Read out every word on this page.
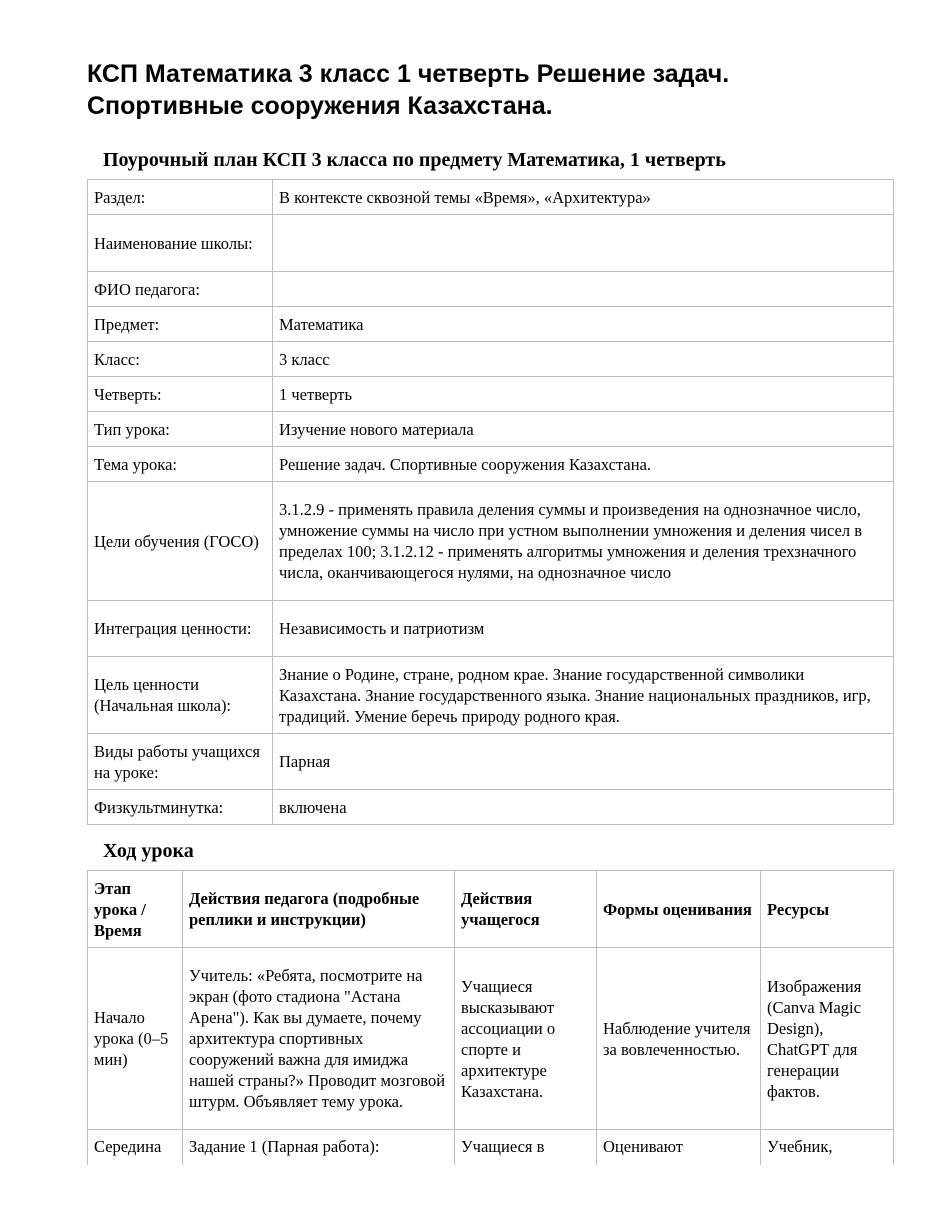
КСП Математика 3 класс 1 четверть Решение задач. Спортивные сооружения Казахстана.
Поурочный план КСП 3 класса по предмету Математика, 1 четверть
Раздел:	В контексте сквозной темы «Время», «Архитектура»
Наименование школы:	
ФИО педагога:	
Предмет:	Математика
Класс:	3 класс
Четверть:	1 четверть
Тип урока:	Изучение нового материала
Тема урока:	Решение задач. Спортивные сооружения Казахстана.
Цели обучения (ГОСО)	3.1.2.9 - применять правила деления суммы и произведения на однозначное число, умножение суммы на число при устном выполнении умножения и деления чисел в пределах 100; 3.1.2.12 - применять алгоритмы умножения и деления трехзначного числа, оканчивающегося нулями, на однозначное число
Интеграция ценности:	Независимость и патриотизм
Цель ценности (Начальная школа):	Знание о Родине, стране, родном крае. Знание государственной символики Казахстана. Знание государственного языка. Знание национальных праздников, игр, традиций. Умение беречь природу родного края.
Виды работы учащихся на уроке:	Парная
Физкультминутка:	включена
Ход урока
Этап урока / Время	Действия педагога (подробные реплики и инструкции)	Действия учащегося	Формы оценивания	Ресурсы
Начало урока (0–5 мин)	Учитель: «Ребята, посмотрите на экран (фото стадиона "Астана Арена"). Как вы думаете, почему архитектура спортивных сооружений важна для имиджа нашей страны?» Проводит мозговой штурм. Объявляет тему урока.	Учащиеся высказывают ассоциации о спорте и архитектуре Казахстана.	Наблюдение учителя за вовлеченностью.	Изображения (Canva Magic Design), ChatGPT для генерации фактов.
Середина	Задание 1 (Парная работа):	Учащиеся в	Оценивают	Учебник,
